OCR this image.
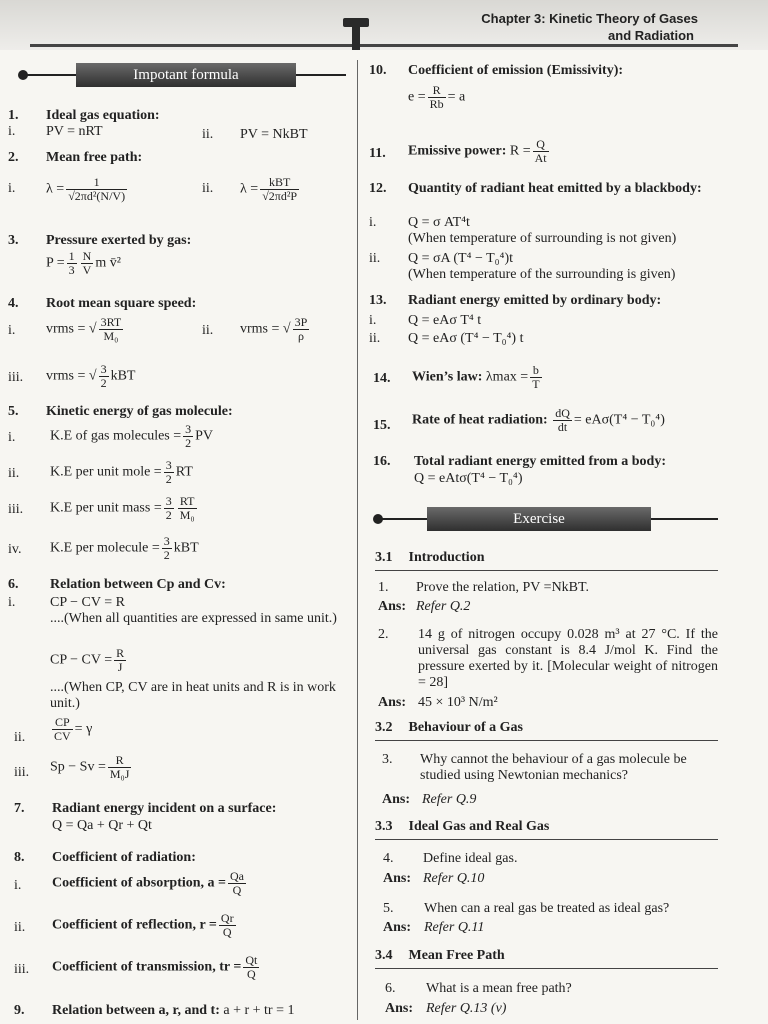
Chapter 3: Kinetic Theory of Gases
and Radiation
Impotant formula
1. Ideal gas equation:
i. PV = nRT	ii. PV = NkBT
2. Mean free path:
i. $\lambda = \frac{1}{\text{√2πd²(N/V)}}$	ii. $\lambda = \frac{\text{kBT}}{\text{√2πd²P}}$
3. Pressure exerted by gas:
$P = \frac{1}{3} \frac{N}{V}$ m v̄²
4. Root mean square speed:
i. vrms = √ $\frac{3RT}{\text{M₀}}$	ii. vrms = √ $\frac{3P}{\rho}$
iii. vrms = √ $\frac{3}{2}$ kBT
5. Kinetic energy of gas molecule:
i. K.E of gas molecules = $\frac{3}{2}$ PV
ii. K.E per unit mole = $\frac{3}{2}$ RT
iii. K.E per unit mass = $\frac{3}{2} \frac{RT}{\text{M₀}}$
iv. K.E per molecule = $\frac{3}{2}$ kBT
6. Relation between Cp and Cv:
i. CP − CV = R
....(When all quantities are expressed in same unit.)
CP − CV = $\frac{R}{J}$
....(When CP, CV are in heat units and R is in work unit.)
ii. $\frac{CP}{CV} = \gamma$
iii. $Sp - Sv = \frac{R}{\text{M₀J}}$
7. Radiant energy incident on a surface:
Q = Qa + Qr + Qt
8. Coefficient of radiation:
i. Coefficient of absorption, $a = \frac{Qa}{Q}$
ii. Coefficient of reflection, $r = \frac{Qr}{Q}$
iii. Coefficient of transmission, tr = $\frac{Qt}{Q}$
9. Relation between a, r, and t: a + r + tr = 1
10. Coefficient of emission (Emissivity):
$e = \frac{R}{Rb} = a$
11. Emissive power: $R = \frac{Q}{At}$
12. Quantity of radiant heat emitted by a blackbody:
i. Q = σ AT⁴t
(When temperature of surrounding is not given)
ii. Q = σA (T⁴ − T₀⁴)t
(When temperature of the surrounding is given)
13. Radiant energy emitted by ordinary body:
i. Q = eAσ T⁴ t
ii. Q = eAσ (T⁴ − T₀⁴) t
14. Wien’s law: $\lambda\max = \frac{b}{T}$
15. Rate of heat radiation: $\frac{dQ}{dt} = eA\sigma(T^4 - T_0^4)$
16. Total radiant energy emitted from a body:
Q = eAtσ(T⁴ − T₀⁴)
Exercise
3.1 Introduction
1. Prove the relation, PV =NkBT.
Ans: Refer Q.2
2. 14 g of nitrogen occupy 0.028 m³ at 27 °C. If the universal gas constant is 8.4 J/mol K. Find the pressure exerted by it. [Molecular weight of nitrogen = 28]
Ans: 45 × 10³ N/m²
3.2 Behaviour of a Gas
3. Why cannot the behaviour of a gas molecule be studied using Newtonian mechanics?
Ans: Refer Q.9
3.3 Ideal Gas and Real Gas
4. Define ideal gas.
Ans: Refer Q.10
5. When can a real gas be treated as ideal gas?
Ans: Refer Q.11
3.4 Mean Free Path
6. What is a mean free path?
Ans: Refer Q.13 (v)
